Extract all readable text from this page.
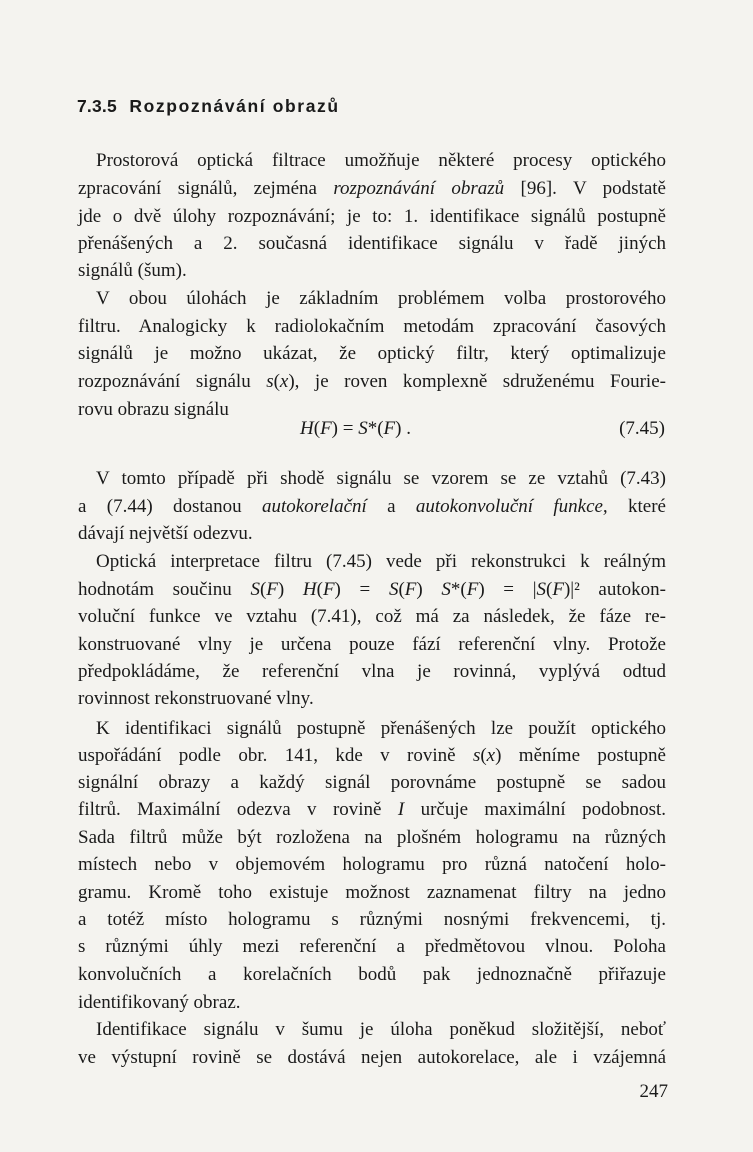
7.3.5 Rozpoznávání obrazů
Prostorová optická filtrace umožňuje některé procesy optického
zpracování signálů, zejména rozpoznávání obrazů [96]. V podstatě
jde o dvě úlohy rozpoznávání; je to: 1. identifikace signálů postupně
přenášených a 2. současná identifikace signálu v řadě jiných
signálů (šum).
V obou úlohách je základním problémem volba prostorového
filtru. Analogicky k radiolokačním metodám zpracování časových
signálů je možno ukázat, že optický filtr, který optimalizuje
rozpoznávání signálu s(x), je roven komplexně sdruženému Fourie-
rovu obrazu signálu
V tomto případě při shodě signálu se vzorem se ze vztahů (7.43)
a (7.44) dostanou autokorelační a autokonvoluční funkce, které
dávají největší odezvu.
Optická interpretace filtru (7.45) vede při rekonstrukci k reálným
hodnotám součinu S(F) H(F) = S(F) S*(F) = |S(F)|² autokon-
voluční funkce ve vztahu (7.41), což má za následek, že fáze re-
konstruované vlny je určena pouze fází referenční vlny. Protože
předpokládáme, že referenční vlna je rovinná, vyplývá odtud
rovinnost rekonstruované vlny.
K identifikaci signálů postupně přenášených lze použít optického
uspořádání podle obr. 141, kde v rovině s(x) měníme postupně
signální obrazy a každý signál porovnáme postupně se sadou
filtrů. Maximální odezva v rovině I určuje maximální podobnost.
Sada filtrů může být rozložena na plošném hologramu na různých
místech nebo v objemovém hologramu pro různá natočení holo-
gramu. Kromě toho existuje možnost zaznamenat filtry na jedno
a totéž místo hologramu s různými nosnými frekvencemi, tj.
s různými úhly mezi referenční a předmětovou vlnou. Poloha
konvolučních a korelačních bodů pak jednoznačně přiřazuje
identifikovaný obraz.
Identifikace signálu v šumu je úloha poněkud složitější, neboť
ve výstupní rovině se dostává nejen autokorelace, ale i vzájemná
H(F) = S*(F) .	(7.45)
247
